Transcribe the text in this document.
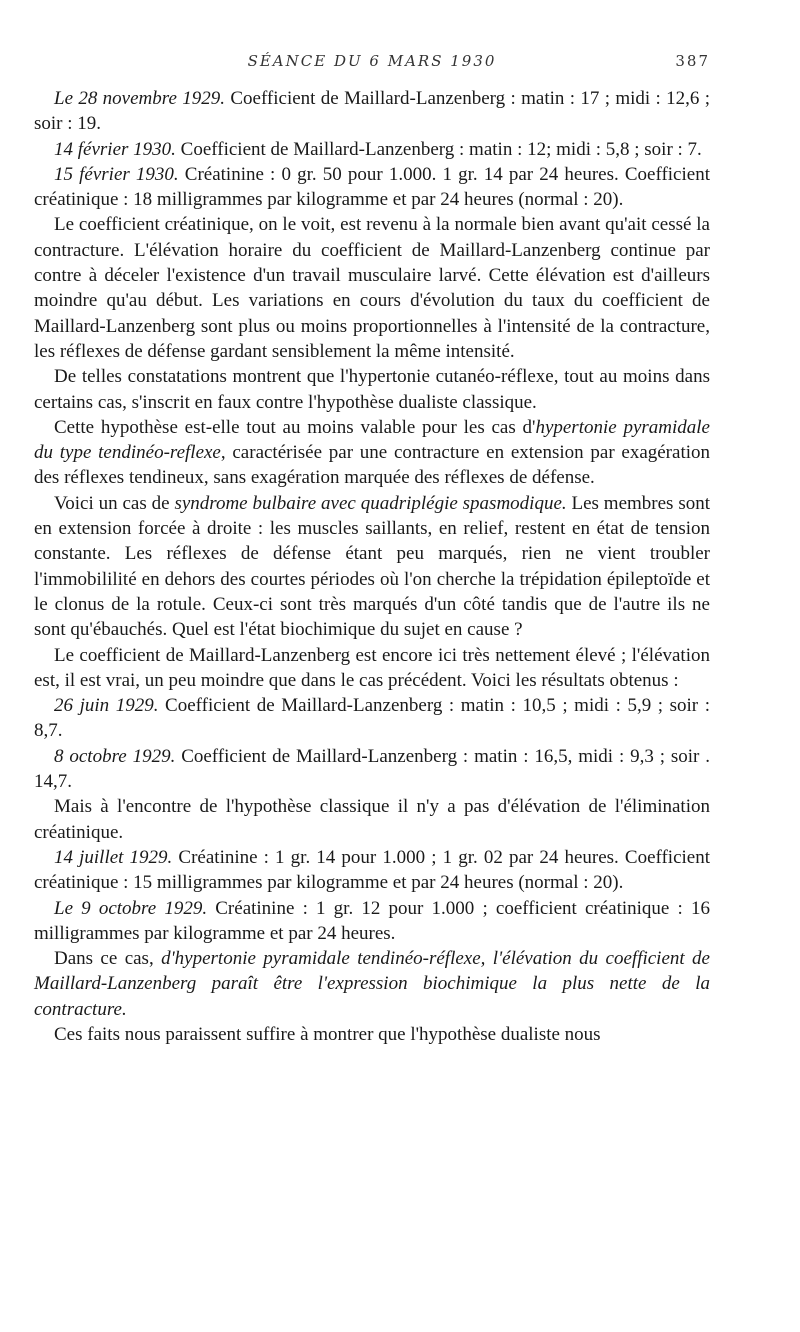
SÉANCE DU 6 MARS 1930	387

Le 28 novembre 1929. Coefficient de Maillard-Lanzenberg : matin : 17 ; midi : 12,6 ; soir : 19.

14 février 1930. Coefficient de Maillard-Lanzenberg : matin : 12; midi : 5,8 ; soir : 7.

15 février 1930. Créatinine : 0 gr. 50 pour 1.000. 1 gr. 14 par 24 heures. Coefficient créatinique : 18 milligrammes par kilogramme et par 24 heures (normal : 20).

Le coefficient créatinique, on le voit, est revenu à la normale bien avant qu'ait cessé la contracture. L'élévation horaire du coefficient de Maillard-Lanzenberg continue par contre à déceler l'existence d'un travail musculaire larvé. Cette élévation est d'ailleurs moindre qu'au début. Les variations en cours d'évolution du taux du coefficient de Maillard-Lanzenberg sont plus ou moins proportionnelles à l'intensité de la contracture, les réflexes de défense gardant sensiblement la même intensité.

De telles constatations montrent que l'hypertonie cutanéo-réflexe, tout au moins dans certains cas, s'inscrit en faux contre l'hypothèse dualiste classique.

Cette hypothèse est-elle tout au moins valable pour les cas d'hypertonie pyramidale du type tendinéo-reflexe, caractérisée par une contracture en extension par exagération des réflexes tendineux, sans exagération marquée des réflexes de défense.

Voici un cas de syndrome bulbaire avec quadriplégie spasmodique. Les membres sont en extension forcée à droite : les muscles saillants, en relief, restent en état de tension constante. Les réflexes de défense étant peu marqués, rien ne vient troubler l'immobililité en dehors des courtes périodes où l'on cherche la trépidation épileptoïde et le clonus de la rotule. Ceux-ci sont très marqués d'un côté tandis que de l'autre ils ne sont qu'ébauchés. Quel est l'état biochimique du sujet en cause ?

Le coefficient de Maillard-Lanzenberg est encore ici très nettement élevé ; l'élévation est, il est vrai, un peu moindre que dans le cas précédent. Voici les résultats obtenus :

26 juin 1929. Coefficient de Maillard-Lanzenberg : matin : 10,5 ; midi : 5,9 ; soir : 8,7.

8 octobre 1929. Coefficient de Maillard-Lanzenberg : matin : 16,5, midi : 9,3 ; soir . 14,7.

Mais à l'encontre de l'hypothèse classique il n'y a pas d'élévation de l'élimination créatinique.

14 juillet 1929. Créatinine : 1 gr. 14 pour 1.000 ; 1 gr. 02 par 24 heures. Coefficient créatinique : 15 milligrammes par kilogramme et par 24 heures (normal : 20).

Le 9 octobre 1929. Créatinine : 1 gr. 12 pour 1.000 ; coefficient créatinique : 16 milligrammes par kilogramme et par 24 heures.

Dans ce cas, d'hypertonie pyramidale tendinéo-réflexe, l'élévation du coefficient de Maillard-Lanzenberg paraît être l'expression biochimique la plus nette de la contracture.

Ces faits nous paraissent suffire à montrer que l'hypothèse dualiste nous
